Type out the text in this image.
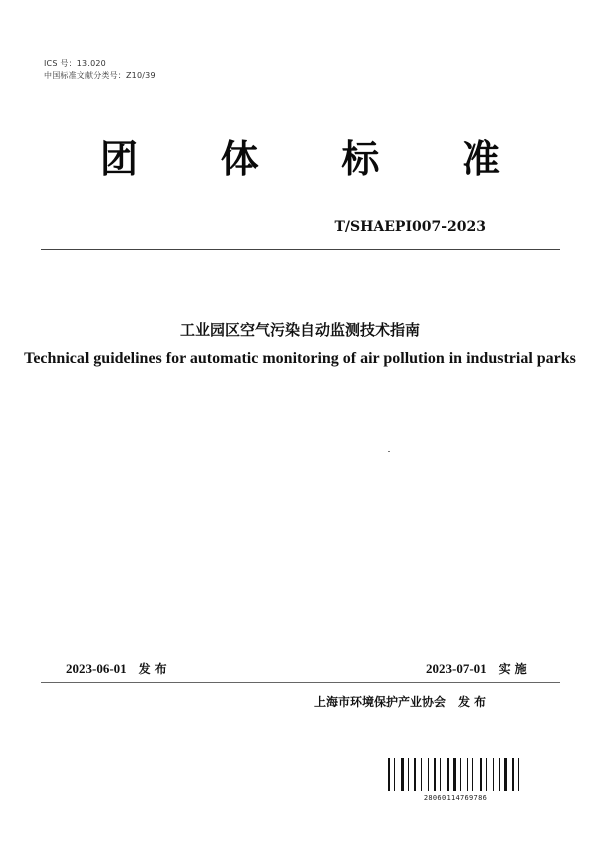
ICS 号：13.020
中国标准文献分类号：Z10/39
团 体 标 准
T/SHAEPI007-2023
工业园区空气污染自动监测技术指南
Technical guidelines for automatic monitoring of air pollution in industrial parks
2023-06-01 发布	2023-07-01 实施
上海市环境保护产业协会 发布
28060114769786
